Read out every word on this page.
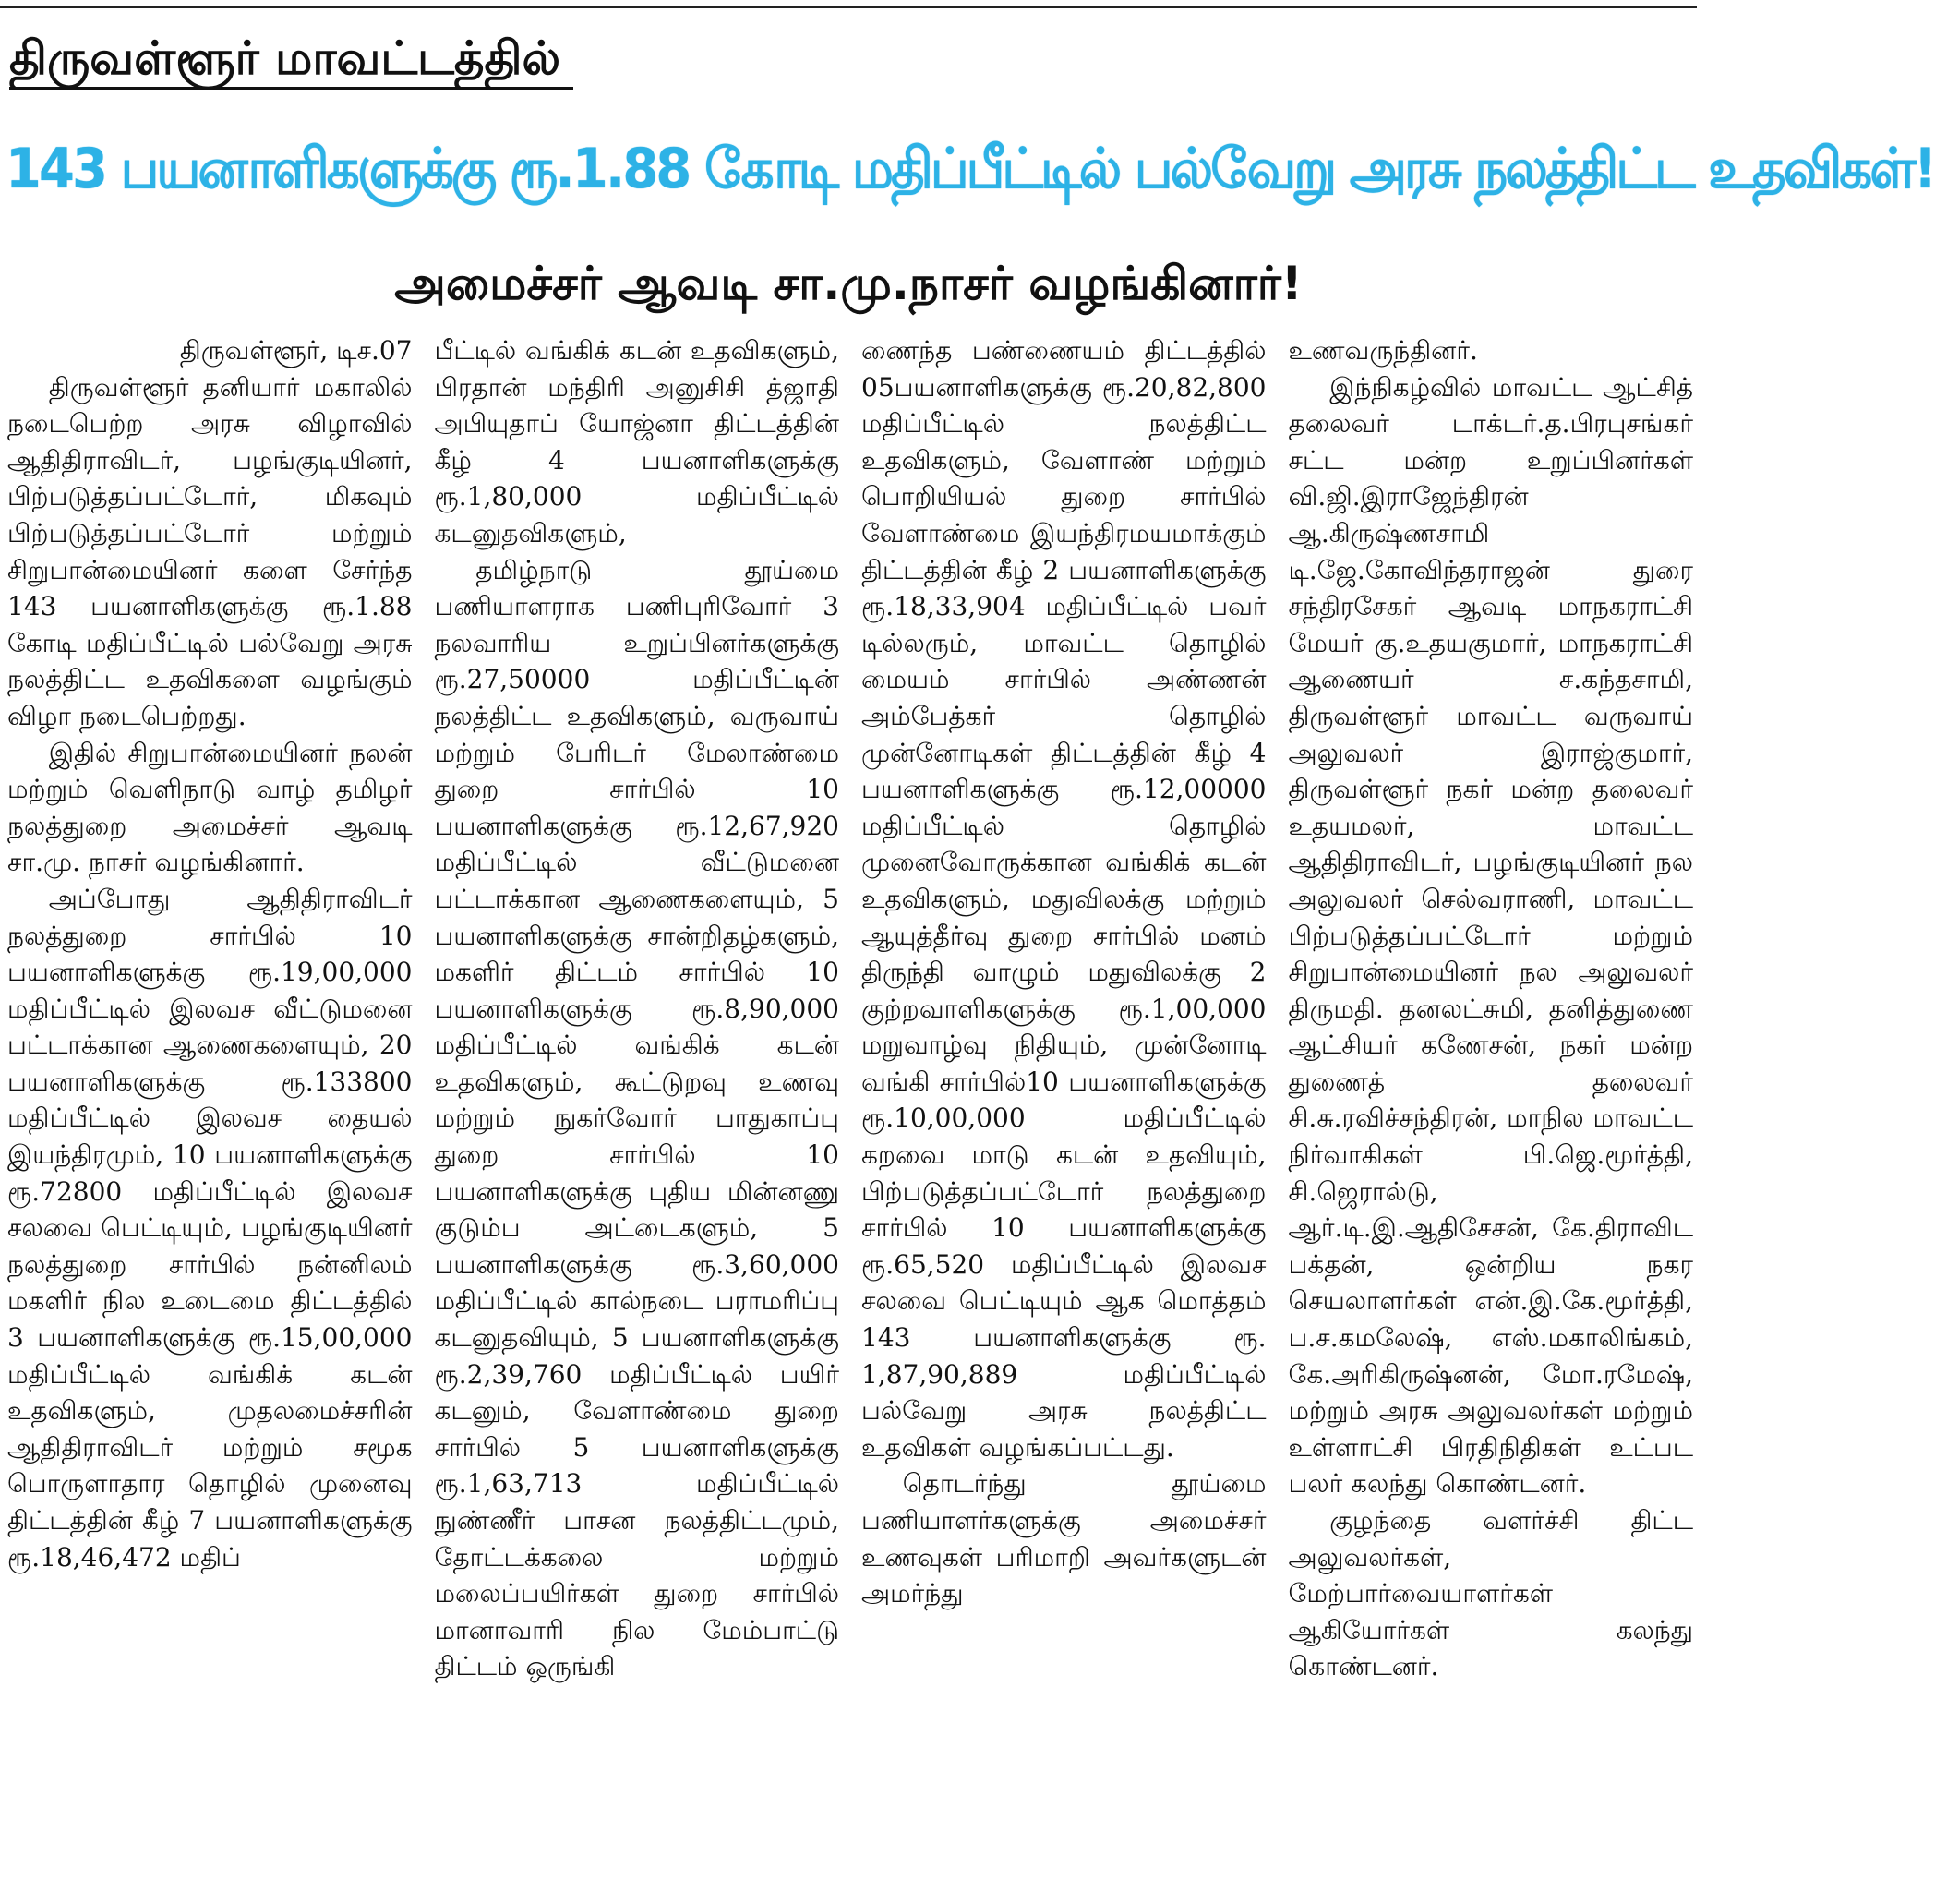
திருவள்ளூர் மாவட்டத்தில்
143 பயனாளிகளுக்கு ரூ.1.88 கோடி மதிப்பீட்டில் பல்வேறு அரசு நலத்திட்ட உதவிகள்!
அமைச்சர் ஆவடி சா.மு.நாசர் வழங்கினார்!

திருவள்ளூர், டிச.07

திருவள்ளூர் தனியார் மகாலில் நடைபெற்ற அரசு விழாவில் ஆதிதிராவிடர், பழங்குடியினர், பிற்படுத்தப்பட்டோர், மிகவும் பிற்படுத்தப்பட்டோர் மற்றும் சிறுபான்மையினர் களை சேர்ந்த 143 பயனாளிகளுக்கு ரூ.1.88 கோடி மதிப்பீட்டில் பல்வேறு அரசு நலத்திட்ட உதவிகளை வழங்கும் விழா நடைபெற்றது.

இதில் சிறுபான்மையினர் நலன் மற்றும் வெளிநாடு வாழ் தமிழர் நலத்துறை அமைச்சர் ஆவடி சா.மு. நாசர் வழங்கினார்.

அப்போது ஆதிதிராவிடர் நலத்துறை சார்பில் 10 பயனாளிகளுக்கு ரூ.19,00,000 மதிப்பீட்டில் இலவச வீட்டுமனை பட்டாக்கான ஆணைகளையும், 20 பயனாளிகளுக்கு ரூ.133800 மதிப்பீட்டில் இலவச தையல் இயந்திரமும், 10 பயனாளிகளுக்கு ரூ.72800 மதிப்பீட்டில் இலவச சலவை பெட்டியும், பழங்குடியினர் நலத்துறை சார்பில் நன்னிலம் மகளிர் நில உடைமை திட்டத்தில் 3 பயனாளிகளுக்கு ரூ.15,00,000 மதிப்பீட்டில் வங்கிக் கடன் உதவிகளும், முதலமைச்சரின் ஆதிதிராவிடர் மற்றும் சமூக பொருளாதார தொழில் முனைவு திட்டத்தின் கீழ் 7 பயனாளிகளுக்கு ரூ.18,46,472 மதிப்

பீட்டில் வங்கிக் கடன் உதவிகளும், பிரதான் மந்திரி அனுசிசி த்ஜாதி அபியுதாப் யோஜ்னா திட்டத்தின் கீழ் 4 பயனாளிகளுக்கு ரூ.1,80,000 மதிப்பீட்டில் கடனுதவிகளும்,

தமிழ்நாடு தூய்மை பணியாளராக பணிபுரிவோர் 3 நலவாரிய உறுப்பினர்களுக்கு ரூ.27,50000 மதிப்பீட்டின் நலத்திட்ட உதவிகளும், வருவாய் மற்றும் பேரிடர் மேலாண்மை துறை சார்பில் 10 பயனாளிகளுக்கு ரூ.12,67,920 மதிப்பீட்டில் வீட்டுமனை பட்டாக்கான ஆணைகளையும், 5 பயனாளிகளுக்கு சான்றிதழ்களும், மகளிர் திட்டம் சார்பில் 10 பயனாளிகளுக்கு ரூ.8,90,000 மதிப்பீட்டில் வங்கிக் கடன் உதவிகளும், கூட்டுறவு உணவு மற்றும் நுகர்வோர் பாதுகாப்பு துறை சார்பில் 10 பயனாளிகளுக்கு புதிய மின்னணு குடும்ப அட்டைகளும், 5 பயனாளிகளுக்கு ரூ.3,60,000 மதிப்பீட்டில் கால்நடை பராமரிப்பு கடனுதவியும், 5 பயனாளிகளுக்கு ரூ.2,39,760 மதிப்பீட்டில் பயிர் கடனும், வேளாண்மை துறை சார்பில் 5 பயனாளிகளுக்கு ரூ.1,63,713 மதிப்பீட்டில் நுண்ணீர் பாசன நலத்திட்டமும், தோட்டக்கலை மற்றும் மலைப்பயிர்கள் துறை சார்பில் மானாவாரி நில மேம்பாட்டு திட்டம் ஒருங்கி

ணைந்த பண்ணையம் திட்டத்தில் 05பயனாளிகளுக்கு ரூ.20,82,800 மதிப்பீட்டில் நலத்திட்ட உதவிகளும், வேளாண் மற்றும் பொறியியல் துறை சார்பில் வேளாண்மை இயந்திரமயமாக்கும் திட்டத்தின் கீழ் 2 பயனாளிகளுக்கு ரூ.18,33,904 மதிப்பீட்டில் பவர் டில்லரும், மாவட்ட தொழில் மையம் சார்பில் அண்ணன் அம்பேத்கர் தொழில் முன்னோடிகள் திட்டத்தின் கீழ் 4 பயனாளிகளுக்கு ரூ.12,00000 மதிப்பீட்டில் தொழில் முனைவோருக்கான வங்கிக் கடன் உதவிகளும், மதுவிலக்கு மற்றும் ஆயுத்தீர்வு துறை சார்பில் மனம் திருந்தி வாழும் மதுவிலக்கு 2 குற்றவாளிகளுக்கு ரூ.1,00,000 மறுவாழ்வு நிதியும், முன்னோடி வங்கி சார்பில்10 பயனாளிகளுக்கு ரூ.10,00,000 மதிப்பீட்டில் கறவை மாடு கடன் உதவியும், பிற்படுத்தப்பட்டோர் நலத்துறை சார்பில் 10 பயனாளிகளுக்கு ரூ.65,520 மதிப்பீட்டில் இலவச சலவை பெட்டியும் ஆக மொத்தம் 143 பயனாளிகளுக்கு ரூ. 1,87,90,889 மதிப்பீட்டில் பல்வேறு அரசு நலத்திட்ட உதவிகள் வழங்கப்பட்டது.

தொடர்ந்து தூய்மை பணியாளர்களுக்கு அமைச்சர் உணவுகள் பரிமாறி அவர்களுடன் அமர்ந்து

உணவருந்தினர்.

இந்நிகழ்வில் மாவட்ட ஆட்சித் தலைவர் டாக்டர்.த.பிரபுசங்கர் சட்ட மன்ற உறுப்பினர்கள் வி.ஜி.இராஜேந்திரன் ஆ.கிருஷ்ணசாமி டி.ஜே.கோவிந்தராஜன் துரை சந்திரசேகர் ஆவடி மாநகராட்சி மேயர் கு.உதயகுமார், மாநகராட்சி ஆணையர் ச.கந்தசாமி, திருவள்ளூர் மாவட்ட வருவாய் அலுவலர் இராஜ்குமார், திருவள்ளூர் நகர் மன்ற தலைவர் உதயமலர், மாவட்ட ஆதிதிராவிடர், பழங்குடியினர் நல அலுவலர் செல்வராணி, மாவட்ட பிற்படுத்தப்பட்டோர் மற்றும் சிறுபான்மையினர் நல அலுவலர் திருமதி. தனலட்சுமி, தனித்துணை ஆட்சியர் கணேசன், நகர் மன்ற துணைத் தலைவர் சி.சு.ரவிச்சந்திரன், மாநில மாவட்ட நிர்வாகிகள் பி.ஜெ.மூர்த்தி, சி.ஜெரால்டு, ஆர்.டி.இ.ஆதிசேசன், கே.திராவிட பக்தன், ஒன்றிய நகர செயலாளர்கள் என்.இ.கே.மூர்த்தி, ப.ச.கமலேஷ், எஸ்.மகாலிங்கம், கே.அரிகிருஷ்னன், மோ.ரமேஷ், மற்றும் அரசு அலுவலர்கள் மற்றும் உள்ளாட்சி பிரதிநிதிகள் உட்பட பலர் கலந்து கொண்டனர்.

குழந்தை வளர்ச்சி திட்ட அலுவலர்கள், மேற்பார்வையாளர்கள் ஆகியோர்கள் கலந்து கொண்டனர்.
